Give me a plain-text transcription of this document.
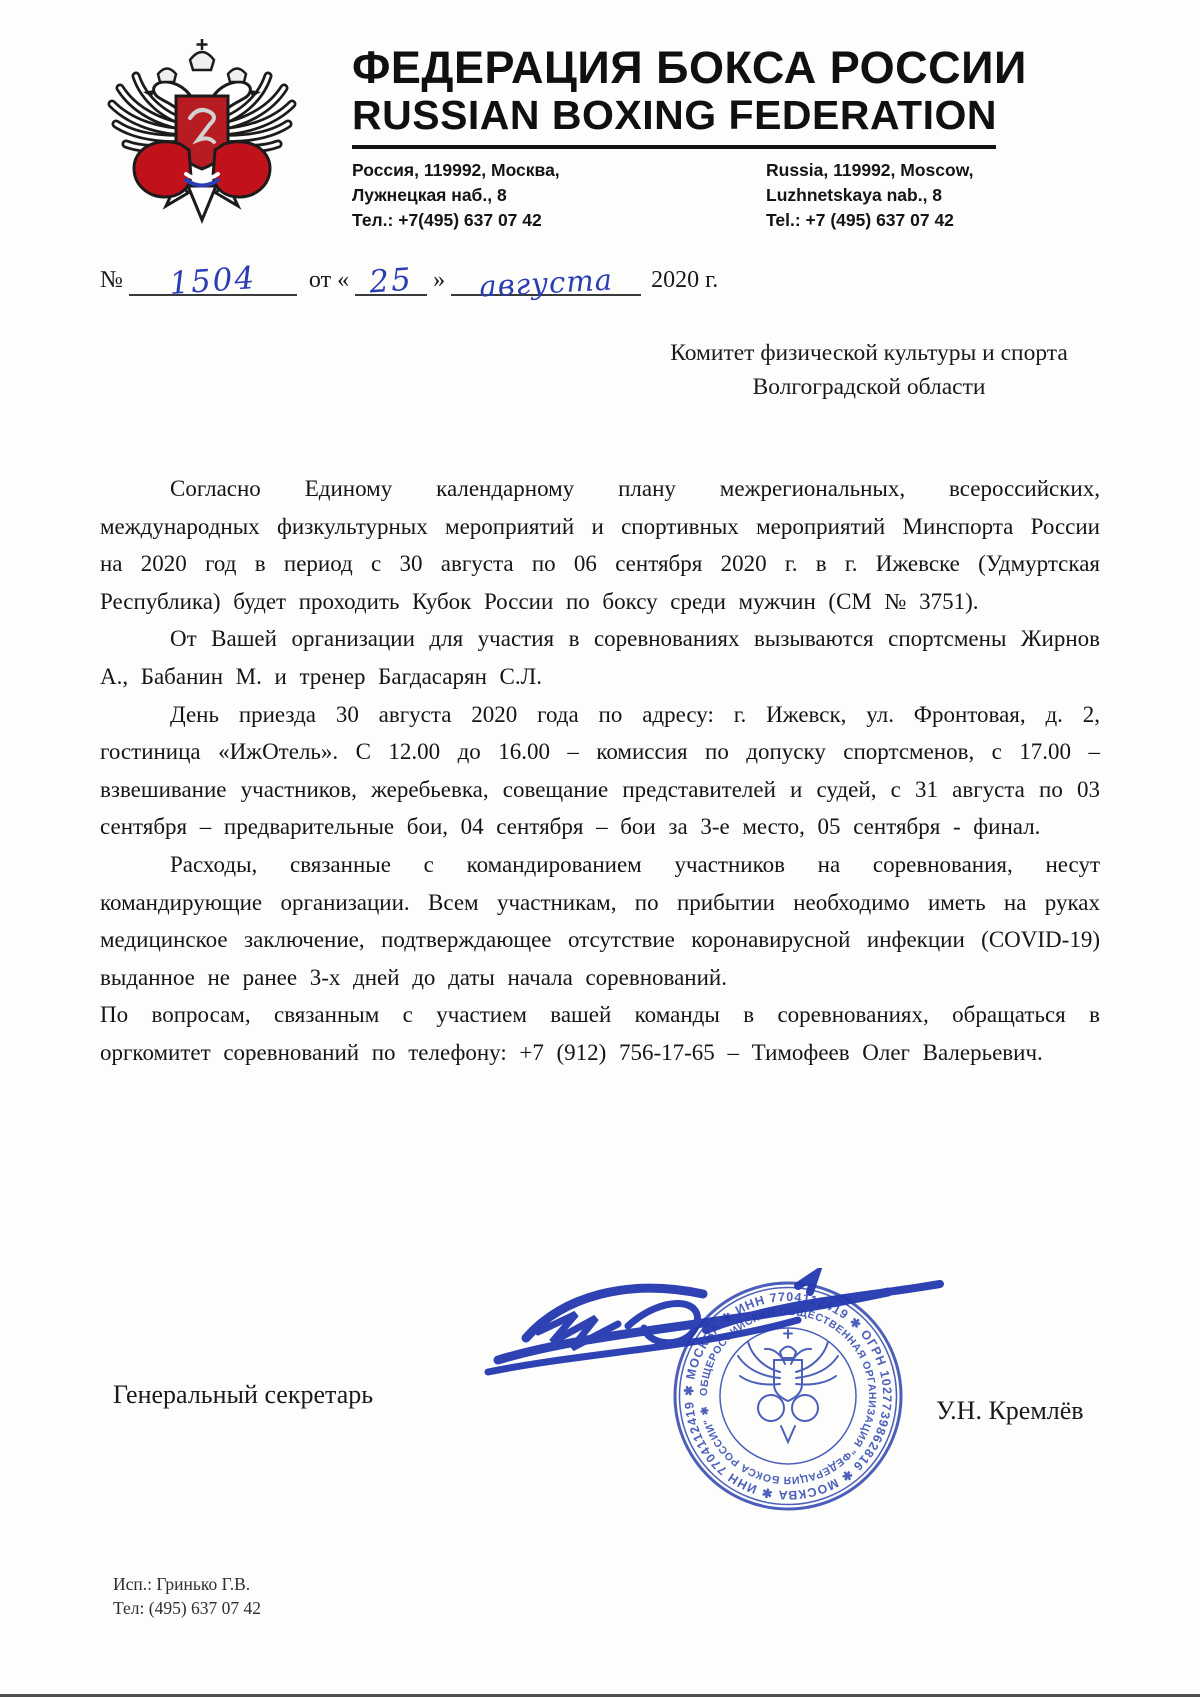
ФЕДЕРАЦИЯ БОКСА РОССИИ
RUSSIAN BOXING FEDERATION
Россия, 119992, Москва,
Лужнецкая наб., 8
Тел.: +7(495) 637 07 42
Russia, 119992, Moscow,
Luzhnetskaya nab., 8
Tel.: +7 (495) 637 07 42
№	1504	от « 25 »	августа	2020 г.
Комитет физической культуры и спорта
Волгоградской области

Согласно Единому календарному плану межрегиональных, всероссийских, международных физкультурных мероприятий и спортивных мероприятий Минспорта России на 2020 год в период с 30 августа по 06 сентября 2020 г. в г. Ижевске (Удмуртская Республика) будет проходить Кубок России по боксу среди мужчин (СМ № 3751).

От Вашей организации для участия в соревнованиях вызываются спортсмены Жирнов А., Бабанин М. и тренер Багдасарян С.Л.

День приезда 30 августа 2020 года по адресу: г. Ижевск, ул. Фронтовая, д. 2, гостиница «ИжОтель». С 12.00 до 16.00 – комиссия по допуску спортсменов, с 17.00 – взвешивание участников, жеребьевка, совещание представителей и судей, с 31 августа по 03 сентября – предварительные бои, 04 сентября – бои за 3-е место, 05 сентября - финал.

Расходы, связанные с командированием участников на соревнования, несут командирующие организации. Всем участникам, по прибытии необходимо иметь на руках медицинское заключение, подтверждающее отсутствие коронавирусной инфекции (COVID-19) выданное не ранее 3-х дней до даты начала соревнований.

По вопросам, связанным с участием вашей команды в соревнованиях, обращаться в оргкомитет соревнований по телефону: +7 (912) 756-17-65 – Тимофеев Олег Валерьевич.

✱ МОСКВА ✱ ИНН 7704112419 ✱ ОГРН 1027739862816 ✱ МОСКВА ✱ ИНН 7704112419
ОБЩЕРОССИЙСКАЯ ОБЩЕСТВЕННАЯ ОРГАНИЗАЦИЯ "ФЕДЕРАЦИЯ БОКСА РОССИИ" ✱
Генеральный секретарь
У.Н. Кремлёв
Исп.: Гринько Г.В.
Тел: (495) 637 07 42
